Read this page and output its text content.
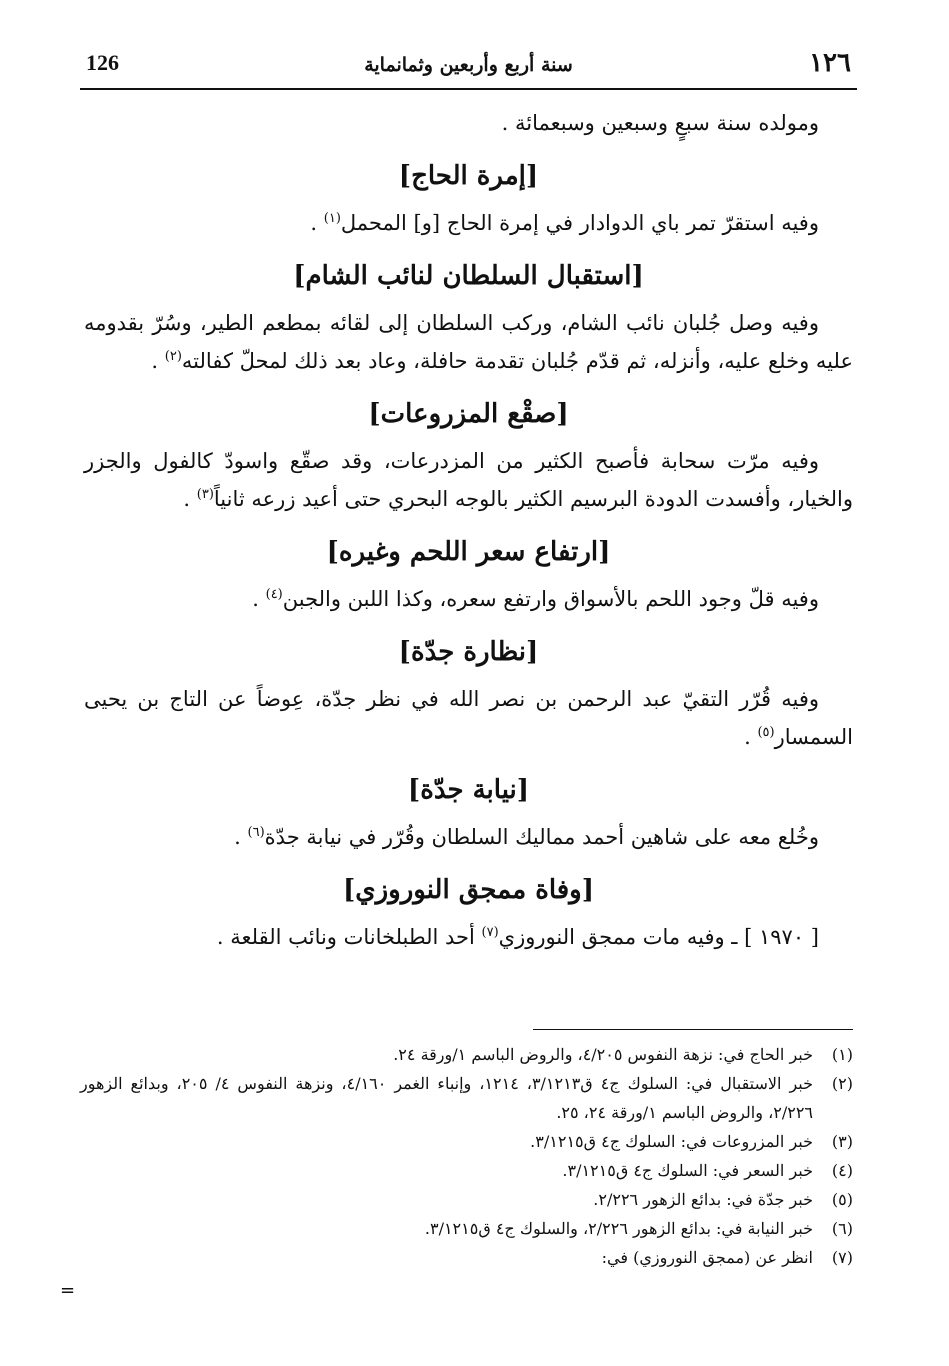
126	سنة أربع وأربعين وثمانماية	١٢٦

ومولده سنة سبعٍ وسبعين وسبعمائة .

[إمرة الحاج]

وفيه استقرّ تمر باي الدوادار في إمرة الحاج [و] المحمل$^{(١)}$ .

[استقبال السلطان لنائب الشام]

وفيه وصل جُلبان نائب الشام، وركب السلطان إلى لقائه بمطعم الطير، وسُرّ بقدومه عليه وخلع عليه، وأنزله، ثم قدّم جُلبان تقدمة حافلة، وعاد بعد ذلك لمحلّ كفالته$^{(٢)}$ .

[صقْع المزروعات]

وفيه مرّت سحابة فأصبح الكثير من المزدرعات، وقد صقّع واسودّ كالفول والجزر والخيار، وأفسدت الدودة البرسيم الكثير بالوجه البحري حتى أعيد زرعه ثانياً$^{(٣)}$ .

[ارتفاع سعر اللحم وغيره]

وفيه قلّ وجود اللحم بالأسواق وارتفع سعره، وكذا اللبن والجبن$^{(٤)}$ .

[نظارة جدّة]

وفيه قُرّر التقيّ عبد الرحمن بن نصر الله في نظر جدّة، عِوضاً عن التاج بن يحيى السمسار$^{(٥)}$ .

[نيابة جدّة]

وخُلع معه على شاهين أحمد مماليك السلطان وقُرّر في نيابة جدّة$^{(٦)}$ .

[وفاة ممجق النوروزي]

[ ١٩٧٠ ] ـ وفيه مات ممجق النوروزي$^{(٧)}$ أحد الطبلخانات ونائب القلعة .

(١)
خبر الحاج في: نزهة النفوس ٤/٢٠٥، والروض الباسم ١/ورقة ٢٤.
(٢)
خبر الاستقبال في: السلوك ج٤ ق٣/١٢١٣، ١٢١٤، وإنباء الغمر ٤/١٦٠، ونزهة النفوس ٤/ ٢٠٥، وبدائع الزهور ٢/٢٢٦، والروض الباسم ١/ورقة ٢٤، ٢٥.
(٣)
خبر المزروعات في: السلوك ج٤ ق٣/١٢١٥.
(٤)
خبر السعر في: السلوك ج٤ ق٣/١٢١٥.
(٥)
خبر جدّة في: بدائع الزهور ٢/٢٢٦.
(٦)
خبر النيابة في: بدائع الزهور ٢/٢٢٦، والسلوك ج٤ ق٣/١٢١٥.
(٧)
انظر عن (ممجق النوروزي) في:
=
